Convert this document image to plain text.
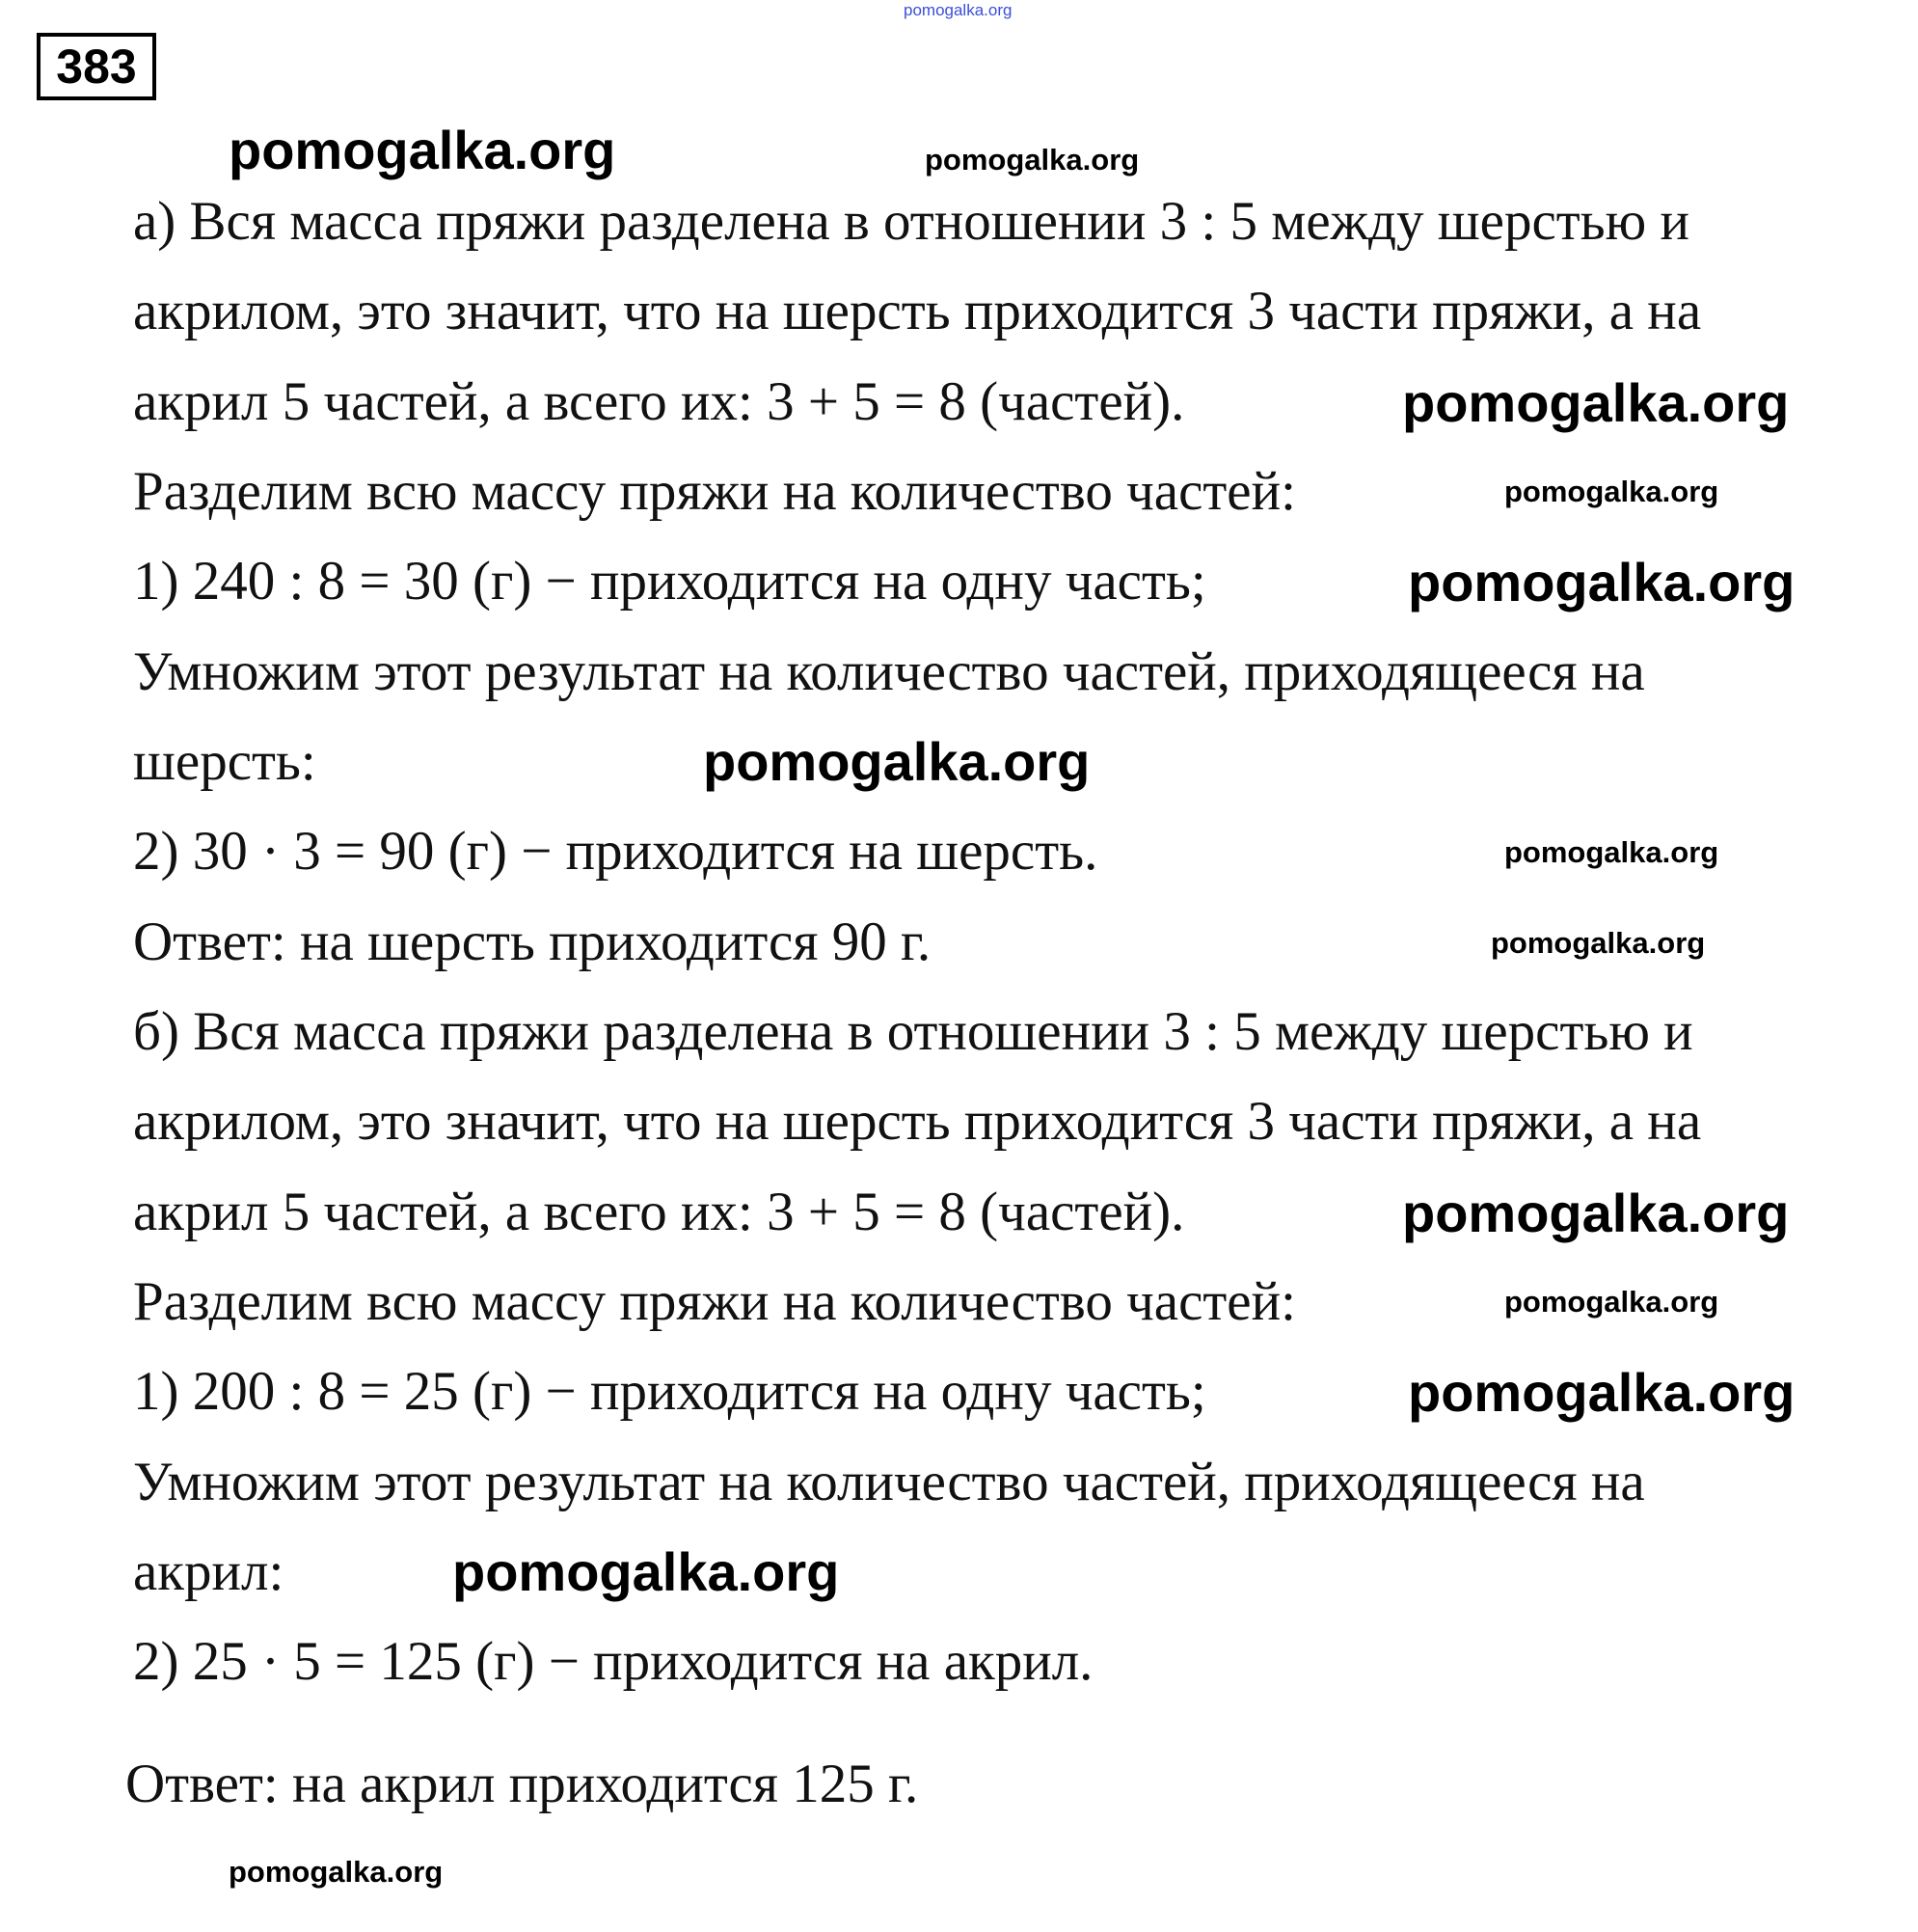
pomogalka.org
383
а) Вся масса пряжи разделена в отношении 3 : 5 между шерстью и
акрилом, это значит, что на шерсть приходится 3 части пряжи, а на
акрил 5 частей, а всего их: 3 + 5 = 8 (частей).
Разделим всю массу пряжи на количество частей:
1) 240 : 8 = 30 (г) − приходится на одну часть;
Умножим этот результат на количество частей, приходящееся на
шерсть:
2) 30 · 3 = 90 (г) − приходится на шерсть.
Ответ: на шерсть приходится 90 г.
б) Вся масса пряжи разделена в отношении 3 : 5 между шерстью и
акрилом, это значит, что на шерсть приходится 3 части пряжи, а на
акрил 5 частей, а всего их: 3 + 5 = 8 (частей).
Разделим всю массу пряжи на количество частей:
1) 200 : 8 = 25 (г) − приходится на одну часть;
Умножим этот результат на количество частей, приходящееся на
акрил:
2) 25 · 5 = 125 (г) − приходится на акрил.
Ответ: на акрил приходится 125 г.
pomogalka.org	pomogalka.org
pomogalka.org
pomogalka.org
pomogalka.org
pomogalka.org
pomogalka.org
pomogalka.org
pomogalka.org
pomogalka.org
pomogalka.org
pomogalka.org
pomogalka.org
